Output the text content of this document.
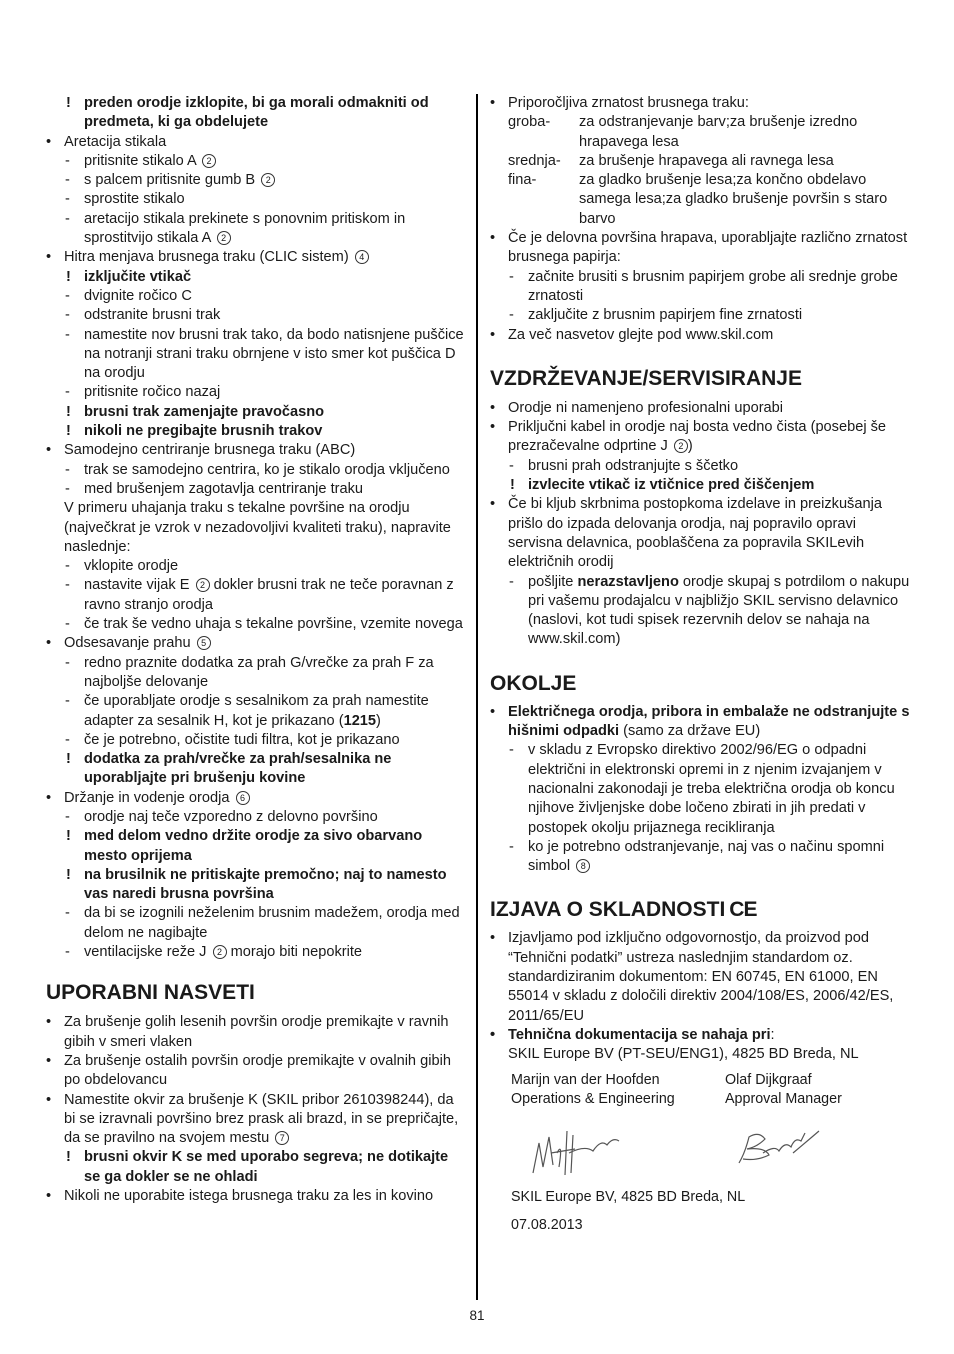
! preden orodje izklopite, bi ga morali odmakniti od predmeta, ki ga obdelujete
• Aretacija stikala
- pritisnite stikalo A 2
- s palcem pritisnite gumb B 2
- sprostite stikalo
- aretacijo stikala prekinete s ponovnim pritiskom in sprostitvijo stikala A 2
• Hitra menjava brusnega traku (CLIC sistem) 4
! izključite vtikač
- dvignite ročico C
- odstranite brusni trak
- namestite nov brusni trak tako, da bodo natisnjene puščice na notranji strani traku obrnjene v isto smer kot puščica D na orodju
- pritisnite ročico nazaj
! brusni trak zamenjajte pravočasno
! nikoli ne pregibajte brusnih trakov
• Samodejno centriranje brusnega traku (ABC)
- trak se samodejno centrira, ko je stikalo orodja vključeno
- med brušenjem zagotavlja centriranje traku
V primeru uhajanja traku s tekalne površine na orodju (največkrat je vzrok v nezadovoljivi kvaliteti traku), napravite naslednje:
- vklopite orodje
- nastavite vijak E 2 dokler brusni trak ne teče poravnan z ravno stranjo orodja
- če trak še vedno uhaja s tekalne površine, vzemite novega
• Odsesavanje prahu 5
- redno praznite dodatka za prah G/vrečke za prah F za najboljše delovanje
- če uporabljate orodje s sesalnikom za prah namestite adapter za sesalnik H, kot je prikazano (1215)
- če je potrebno, očistite tudi filtra, kot je prikazano
! dodatka za prah/vrečke za prah/sesalnika ne uporabljajte pri brušenju kovine
• Držanje in vodenje orodja 6
- orodje naj teče vzporedno z delovno površino
! med delom vedno držite orodje za sivo obarvano mesto oprijema
! na brusilnik ne pritiskajte premočno; naj to namesto vas naredi brusna površina
- da bi se izognili neželenim brusnim madežem, orodja med delom ne nagibajte
- ventilacijske reže J 2 morajo biti nepokrite
UPORABNI NASVETI
• Za brušenje golih lesenih površin orodje premikajte v ravnih gibih v smeri vlaken
• Za brušenje ostalih površin orodje premikajte v ovalnih gibih po obdelovancu
• Namestite okvir za brušenje K (SKIL pribor 2610398244), da bi se izravnali površino brez prask ali brazd, in se prepričajte, da se pravilno na svojem mestu 7
! brusni okvir K se med uporabo segreva; ne dotikajte se ga dokler se ne ohladi
• Nikoli ne uporabite istega brusnega traku za les in kovino
• Priporočljiva zrnatost brusnega traku:
groba-	za odstranjevanje barv;za brušenje izredno hrapavega lesa
srednja-	za brušenje hrapavega ali ravnega lesa
fina-	za gladko brušenje lesa;za končno obdelavo samega lesa;za gladko brušenje površin s staro barvo
• Če je delovna površina hrapava, uporabljajte različno zrnatost brusnega papirja:
- začnite brusiti s brusnim papirjem grobe ali srednje grobe zrnatosti
- zaključite z brusnim papirjem fine zrnatosti
• Za več nasvetov glejte pod www.skil.com
VZDRŽEVANJE/SERVISIRANJE
• Orodje ni namenjeno profesionalni uporabi
• Priključni kabel in orodje naj bosta vedno čista (posebej še prezračevalne odprtine J 2 )
- brusni prah odstranjujte s ščetko
! izvlecite vtikač iz vtičnice pred čiščenjem
• Če bi kljub skrbnima postopkoma izdelave in preizkušanja prišlo do izpada delovanja orodja, naj popravilo opravi servisna delavnica, pooblaščena za popravila SKILevih električnih orodij
- pošljite nerazstavljeno orodje skupaj s potrdilom o nakupu pri vašemu prodajalcu v najbližjo SKIL servisno delavnico (naslovi, kot tudi spisek rezervnih delov se nahaja na www.skil.com)
OKOLJE
• Električnega orodja, pribora in embalaže ne odstranjujte s hišnimi odpadki (samo za države EU)
- v skladu z Evropsko direktivo 2002/96/EG o odpadni električni in elektronski opremi in z njenim izvajanjem v nacionalni zakonodaji je treba električna orodja ob koncu njihove življenjske dobe ločeno zbirati in jih predati v postopek okolju prijaznega recikliranja
- ko je potrebno odstranjevanje, naj vas o načinu spomni simbol 8
IZJAVA O SKLADNOSTI CE
• Izjavljamo pod izključno odgovornostjo, da proizvod pod “Tehnični podatki” ustreza naslednjim standardom oz. standardiziranim dokumentom: EN 60745, EN 61000, EN 55014 v skladu z določili direktiv 2004/108/ES, 2006/42/ES, 2011/65/EU
• Tehnična dokumentacija se nahaja pri:
SKIL Europe BV (PT-SEU/ENG1), 4825 BD Breda, NL
Marijn van der Hoofden
Operations & Engineering
Olaf Dijkgraaf
Approval Manager
SKIL Europe BV, 4825 BD Breda, NL
07.08.2013
81
